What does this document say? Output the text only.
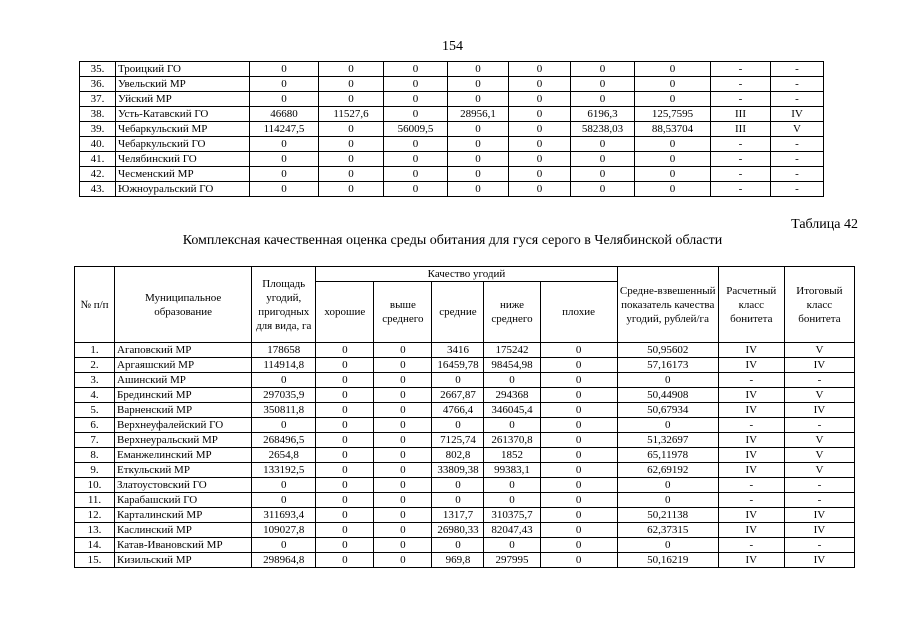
154
35.	Троицкий ГО	0	0	0	0	0	0	0	-	-
36.	Увельский МР	0	0	0	0	0	0	0	-	-
37.	Уйский МР	0	0	0	0	0	0	0	-	-
38.	Усть-Катавский ГО	46680	11527,6	0	28956,1	0	6196,3	125,7595	III	IV
39.	Чебаркульский МР	114247,5	0	56009,5	0	0	58238,03	88,53704	III	V
40.	Чебаркульский ГО	0	0	0	0	0	0	0	-	-
41.	Челябинский ГО	0	0	0	0	0	0	0	-	-
42.	Чесменский МР	0	0	0	0	0	0	0	-	-
43.	Южноуральский ГО	0	0	0	0	0	0	0	-	-
Таблица 42
Комплексная качественная оценка среды обитания для гуся серого в Челябинской области
№ п/п	Муниципальное образование	Площадь угодий, пригодных для вида, га	Качество угодий					Средне-взвешенный показатель качества угодий, рублей/га	Расчетный класс бонитета	Итоговый класс бонитета
			хорошие	выше среднего	средние	ниже среднего	плохие			
1.	Агаповский МР	178658	0	0	3416	175242	0	50,95602	IV	V
2.	Аргаяшский МР	114914,8	0	0	16459,78	98454,98	0	57,16173	IV	IV
3.	Ашинский МР	0	0	0	0	0	0	0	-	-
4.	Брединский МР	297035,9	0	0	2667,87	294368	0	50,44908	IV	V
5.	Варненский МР	350811,8	0	0	4766,4	346045,4	0	50,67934	IV	IV
6.	Верхнеуфалейский ГО	0	0	0	0	0	0	0	-	-
7.	Верхнеуральский МР	268496,5	0	0	7125,74	261370,8	0	51,32697	IV	V
8.	Еманжелинский МР	2654,8	0	0	802,8	1852	0	65,11978	IV	V
9.	Еткульский МР	133192,5	0	0	33809,38	99383,1	0	62,69192	IV	V
10.	Златоустовский ГО	0	0	0	0	0	0	0	-	-
11.	Карабашский ГО	0	0	0	0	0	0	0	-	-
12.	Карталинский МР	311693,4	0	0	1317,7	310375,7	0	50,21138	IV	IV
13.	Каслинский МР	109027,8	0	0	26980,33	82047,43	0	62,37315	IV	IV
14.	Катав-Ивановский МР	0	0	0	0	0	0	0	-	-
15.	Кизильский МР	298964,8	0	0	969,8	297995	0	50,16219	IV	IV
